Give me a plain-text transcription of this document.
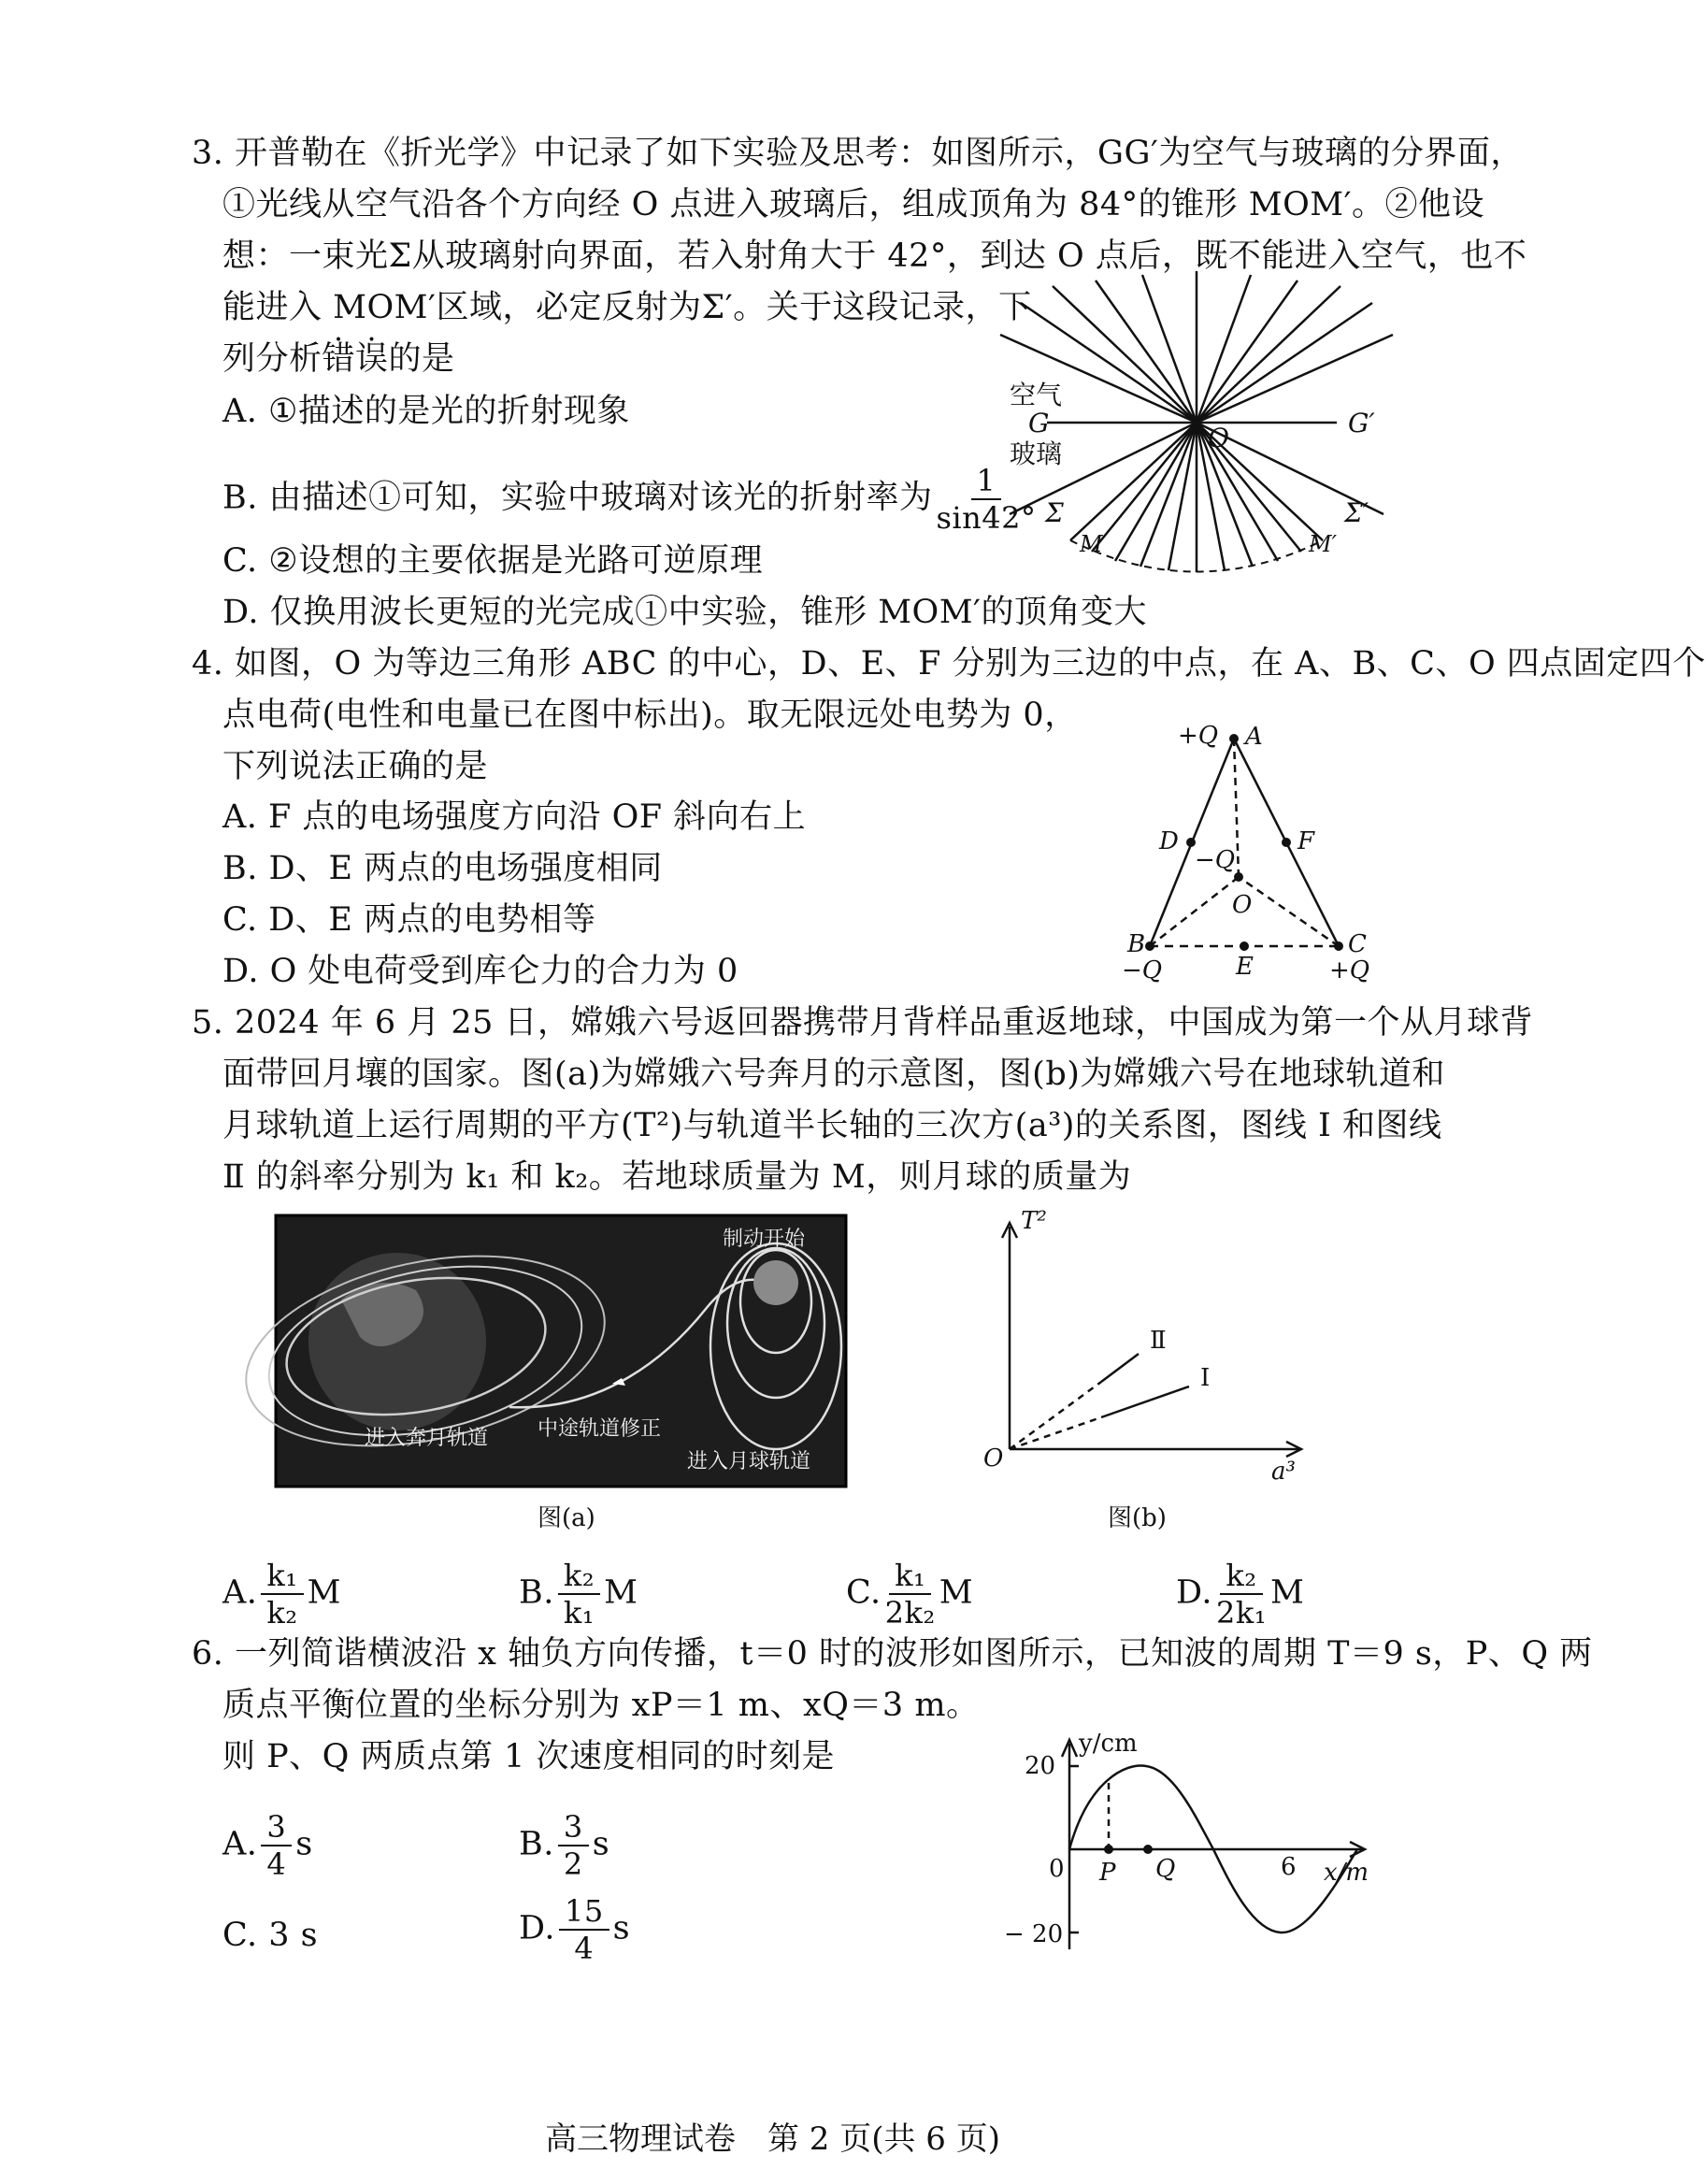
3. 开普勒在《折光学》中记录了如下实验及思考：如图所示，GG′为空气与玻璃的分界面，
①光线从空气沿各个方向经 O 点进入玻璃后，组成顶角为 84°的锥形 MOM′。②他设
想：一束光Σ从玻璃射向界面，若入射角大于 42°，到达 O 点后，既不能进入空气，也不
能进入 MOM′区域，必定反射为Σ′。关于这段记录，下
列分析错误的是
A. ①描述的是光的折射现象
B. 由描述①可知，实验中玻璃对该光的折射率为 $\frac{1}{\sin 42^\circ}$
C. ②设想的主要依据是光路可逆原理
D. 仅换用波长更短的光完成①中实验，锥形 MOM′的顶角变大
空气
G	G′
玻璃
O
Σ	Σ′
M	M′
4. 如图，O 为等边三角形 ABC 的中心，D、E、F 分别为三边的中点，在 A、B、C、O 四点固定四个
点电荷(电性和电量已在图中标出)。取无限远处电势为 0，
下列说法正确的是
A. F 点的电场强度方向沿 OF 斜向右上
B. D、E 两点的电场强度相同
C. D、E 两点的电势相等
D. O 处电荷受到库仑力的合力为 0
+Q A
D	F
−Q
O
B	C
E
−Q	+Q
5. 2024 年 6 月 25 日，嫦娥六号返回器携带月背样品重返地球，中国成为第一个从月球背
面带回月壤的国家。图(a)为嫦娥六号奔月的示意图，图(b)为嫦娥六号在地球轨道和
月球轨道上运行周期的平方(T²)与轨道半长轴的三次方(a³)的关系图，图线 Ⅰ 和图线
Ⅱ 的斜率分别为 k₁ 和 k₂。若地球质量为 M，则月球的质量为
制动开始
进入奔月轨道 中途轨道修正
进入月球轨道
图(a)
T²
a³
O
Ⅱ
Ⅰ
图(b)
A. $\frac{\text{k₁}}{\text{k₂}}$ M	B. $\frac{\text{k₂}}{\text{k₁}}$ M	C. $\frac{\text{k₁}}{\text{2k₂}}$ M	D. $\frac{\text{k₂}}{\text{2k₁}}$ M
6. 一列简谐横波沿 x 轴负方向传播，t＝0 时的波形如图所示，已知波的周期 T＝9 s，P、Q 两
质点平衡位置的坐标分别为 xP＝1 m、xQ＝3 m。
则 P、Q 两质点第 1 次速度相同的时刻是
A. $\frac{3}{4}$ s	B. $\frac{3}{2}$ s
C. 3 s	D. $\frac{15}{4}$ s
y/cm
20
− 20
0 P Q	6 x/m
高三物理试卷　第 2 页(共 6 页)
